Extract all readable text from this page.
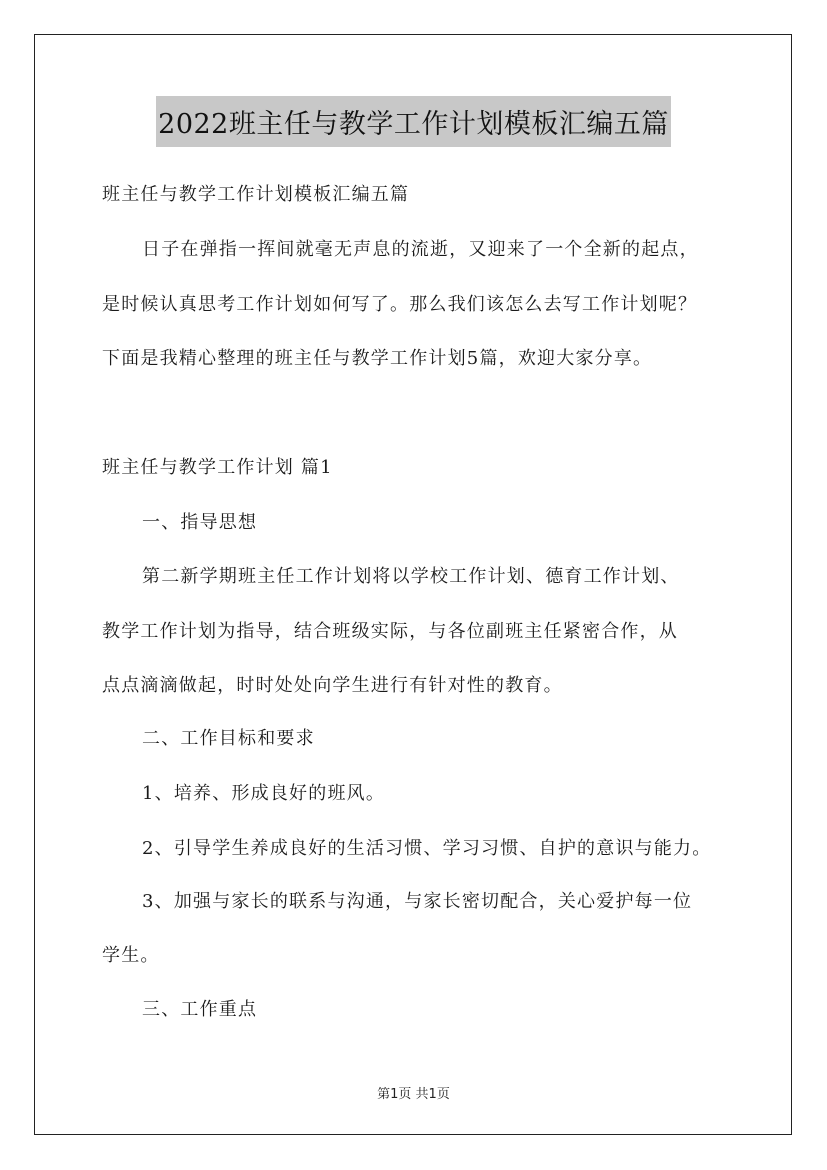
2022班主任与教学工作计划模板汇编五篇
班主任与教学工作计划模板汇编五篇
日子在弹指一挥间就毫无声息的流逝，又迎来了一个全新的起点，
是时候认真思考工作计划如何写了。那么我们该怎么去写工作计划呢？
下面是我精心整理的班主任与教学工作计划5篇，欢迎大家分享。
班主任与教学工作计划 篇1
一、指导思想
第二新学期班主任工作计划将以学校工作计划、德育工作计划、
教学工作计划为指导，结合班级实际，与各位副班主任紧密合作，从
点点滴滴做起，时时处处向学生进行有针对性的教育。
二、工作目标和要求
1、培养、形成良好的班风。
2、引导学生养成良好的生活习惯、学习习惯、自护的意识与能力。
3、加强与家长的联系与沟通，与家长密切配合，关心爱护每一位
学生。
三、工作重点
第1页 共1页
